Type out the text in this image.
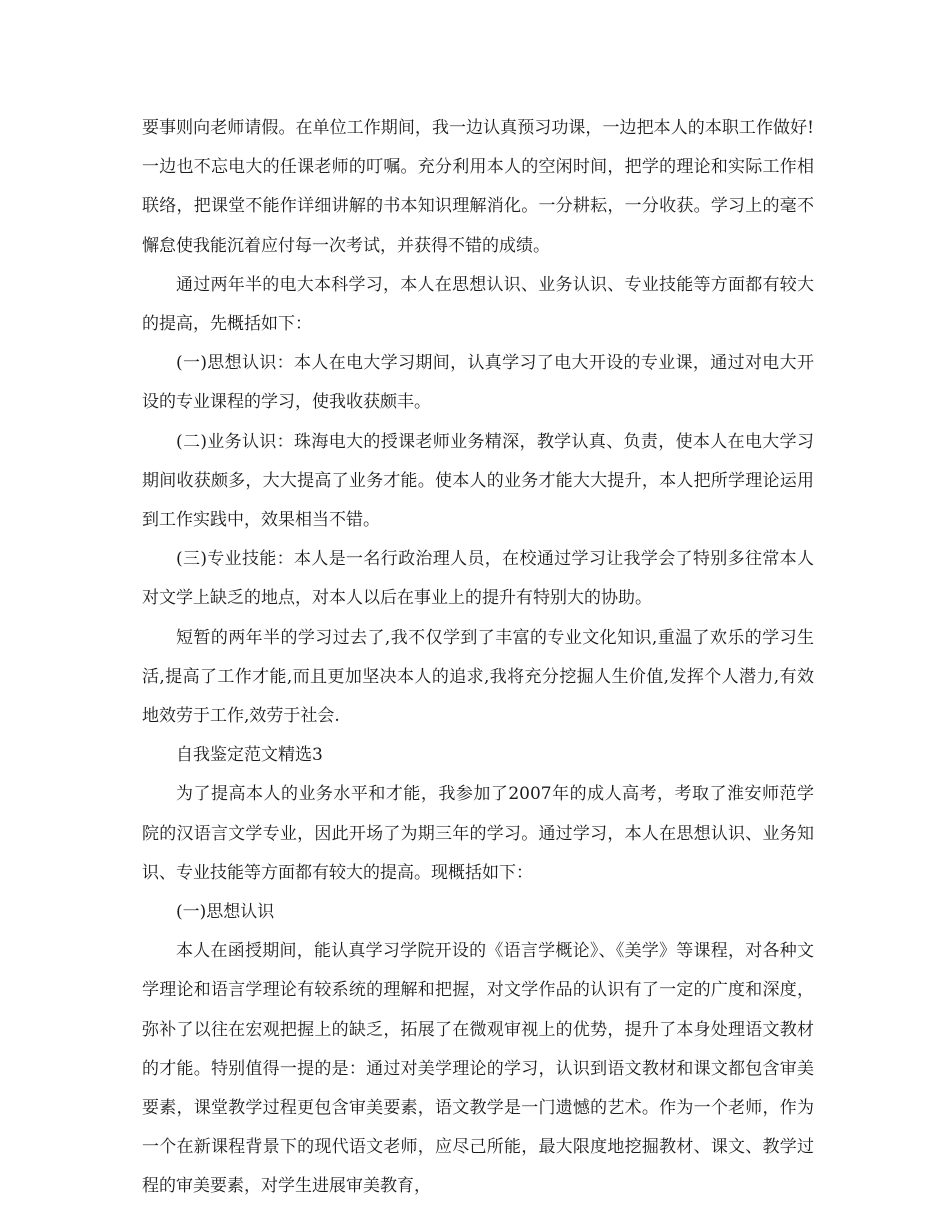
要事则向老师请假。在单位工作期间，我一边认真预习功课，一边把本人的本职工作做好!一边也不忘电大的任课老师的叮嘱。充分利用本人的空闲时间，把学的理论和实际工作相联络，把课堂不能作详细讲解的书本知识理解消化。一分耕耘，一分收获。学习上的毫不懈怠使我能沉着应付每一次考试，并获得不错的成绩。

通过两年半的电大本科学习，本人在思想认识、业务认识、专业技能等方面都有较大的提高，先概括如下：

(一)思想认识：本人在电大学习期间，认真学习了电大开设的专业课，通过对电大开设的专业课程的学习，使我收获颇丰。

(二)业务认识：珠海电大的授课老师业务精深，教学认真、负责，使本人在电大学习期间收获颇多，大大提高了业务才能。使本人的业务才能大大提升，本人把所学理论运用到工作实践中，效果相当不错。

(三)专业技能：本人是一名行政治理人员，在校通过学习让我学会了特别多往常本人对文学上缺乏的地点，对本人以后在事业上的提升有特别大的协助。

短暂的两年半的学习过去了,我不仅学到了丰富的专业文化知识,重温了欢乐的学习生活,提高了工作才能,而且更加坚决本人的追求,我将充分挖掘人生价值,发挥个人潜力,有效地效劳于工作,效劳于社会.

自我鉴定范文精选3

为了提高本人的业务水平和才能，我参加了2007年的成人高考，考取了淮安师范学院的汉语言文学专业，因此开场了为期三年的学习。通过学习，本人在思想认识、业务知识、专业技能等方面都有较大的提高。现概括如下：

(一)思想认识

本人在函授期间，能认真学习学院开设的《语言学概论》、《美学》等课程，对各种文学理论和语言学理论有较系统的理解和把握，对文学作品的认识有了一定的广度和深度，弥补了以往在宏观把握上的缺乏，拓展了在微观审视上的优势，提升了本身处理语文教材的才能。特别值得一提的是：通过对美学理论的学习，认识到语文教材和课文都包含审美要素，课堂教学过程更包含审美要素，语文教学是一门遗憾的艺术。作为一个老师，作为一个在新课程背景下的现代语文老师，应尽己所能，最大限度地挖掘教材、课文、教学过程的审美要素，对学生进展审美教育，
